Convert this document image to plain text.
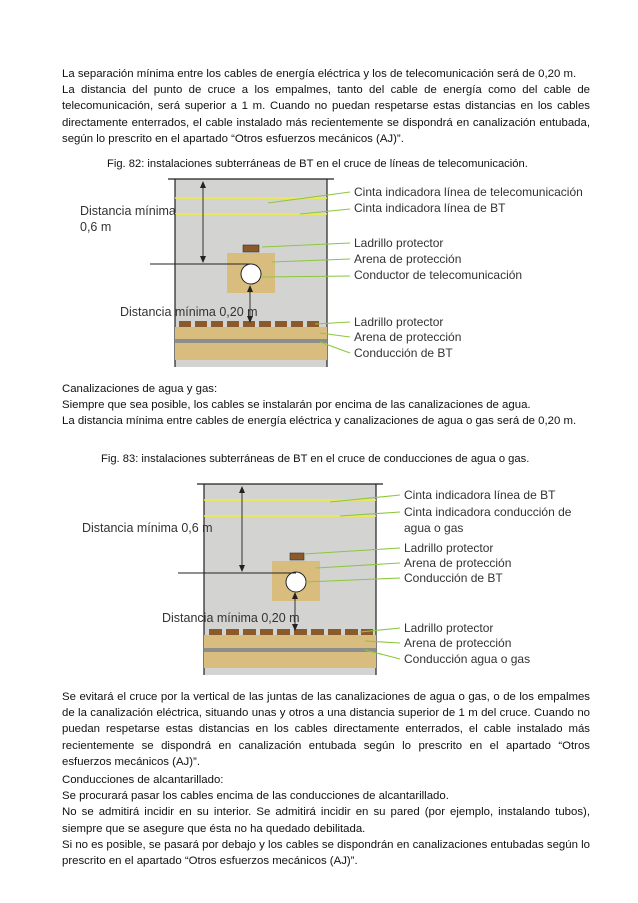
La separación mínima entre los cables de energía eléctrica y los de telecomunicación será de 0,20 m.
La distancia del punto de cruce a los empalmes, tanto del cable de energía como del cable de telecomunicación, será superior a 1 m. Cuando no puedan respetarse estas distancias en los cables directamente enterrados, el cable instalado más recientemente se dispondrá en canalización entubada, según lo prescrito en el apartado “Otros esfuerzos mecánicos (AJ)”.

Fig. 82: instalaciones subterráneas de BT en el cruce de líneas de telecomunicación.

Distancia mínima
0,6 m
Distancia mínima 0,20 m
Cinta indicadora línea de telecomunicación
Cinta indicadora línea de BT
Ladrillo protector
Arena de protección
Conductor de telecomunicación
Ladrillo protector
Arena de protección
Conducción de BT
Distancia mínima 0,6 m
Distancia mínima 0,20 m
Cinta indicadora línea de BT
Cinta indicadora conducción de
agua o gas
Ladrillo protector
Arena de protección
Conducción de BT
Ladrillo protector
Arena de protección
Conducción agua o gas
Canalizaciones de agua y gas:
Siempre que sea posible, los cables se instalarán por encima de las canalizaciones de agua.
La distancia mínima entre cables de energía eléctrica y canalizaciones de agua o gas será de 0,20 m.

Fig. 83: instalaciones subterráneas de BT en el cruce de conducciones de agua o gas.

Se evitará el cruce por la vertical de las juntas de las canalizaciones de agua o gas, o de los empalmes de la canalización eléctrica, situando unas y otros a una distancia superior de 1 m del cruce. Cuando no puedan respetarse estas distancias en los cables directamente enterrados, el cable instalado más recientemente se dispondrá en canalización entubada según lo prescrito en el apartado “Otros esfuerzos mecánicos (AJ)”.
Conducciones de alcantarillado:
Se procurará pasar los cables encima de las conducciones de alcantarillado.
No se admitirá incidir en su interior. Se admitirá incidir en su pared (por ejemplo, instalando tubos), siempre que se asegure que ésta no ha quedado debilitada.
Si no es posible, se pasará por debajo y los cables se dispondrán en canalizaciones entubadas según lo prescrito en el apartado “Otros esfuerzos mecánicos (AJ)”.
